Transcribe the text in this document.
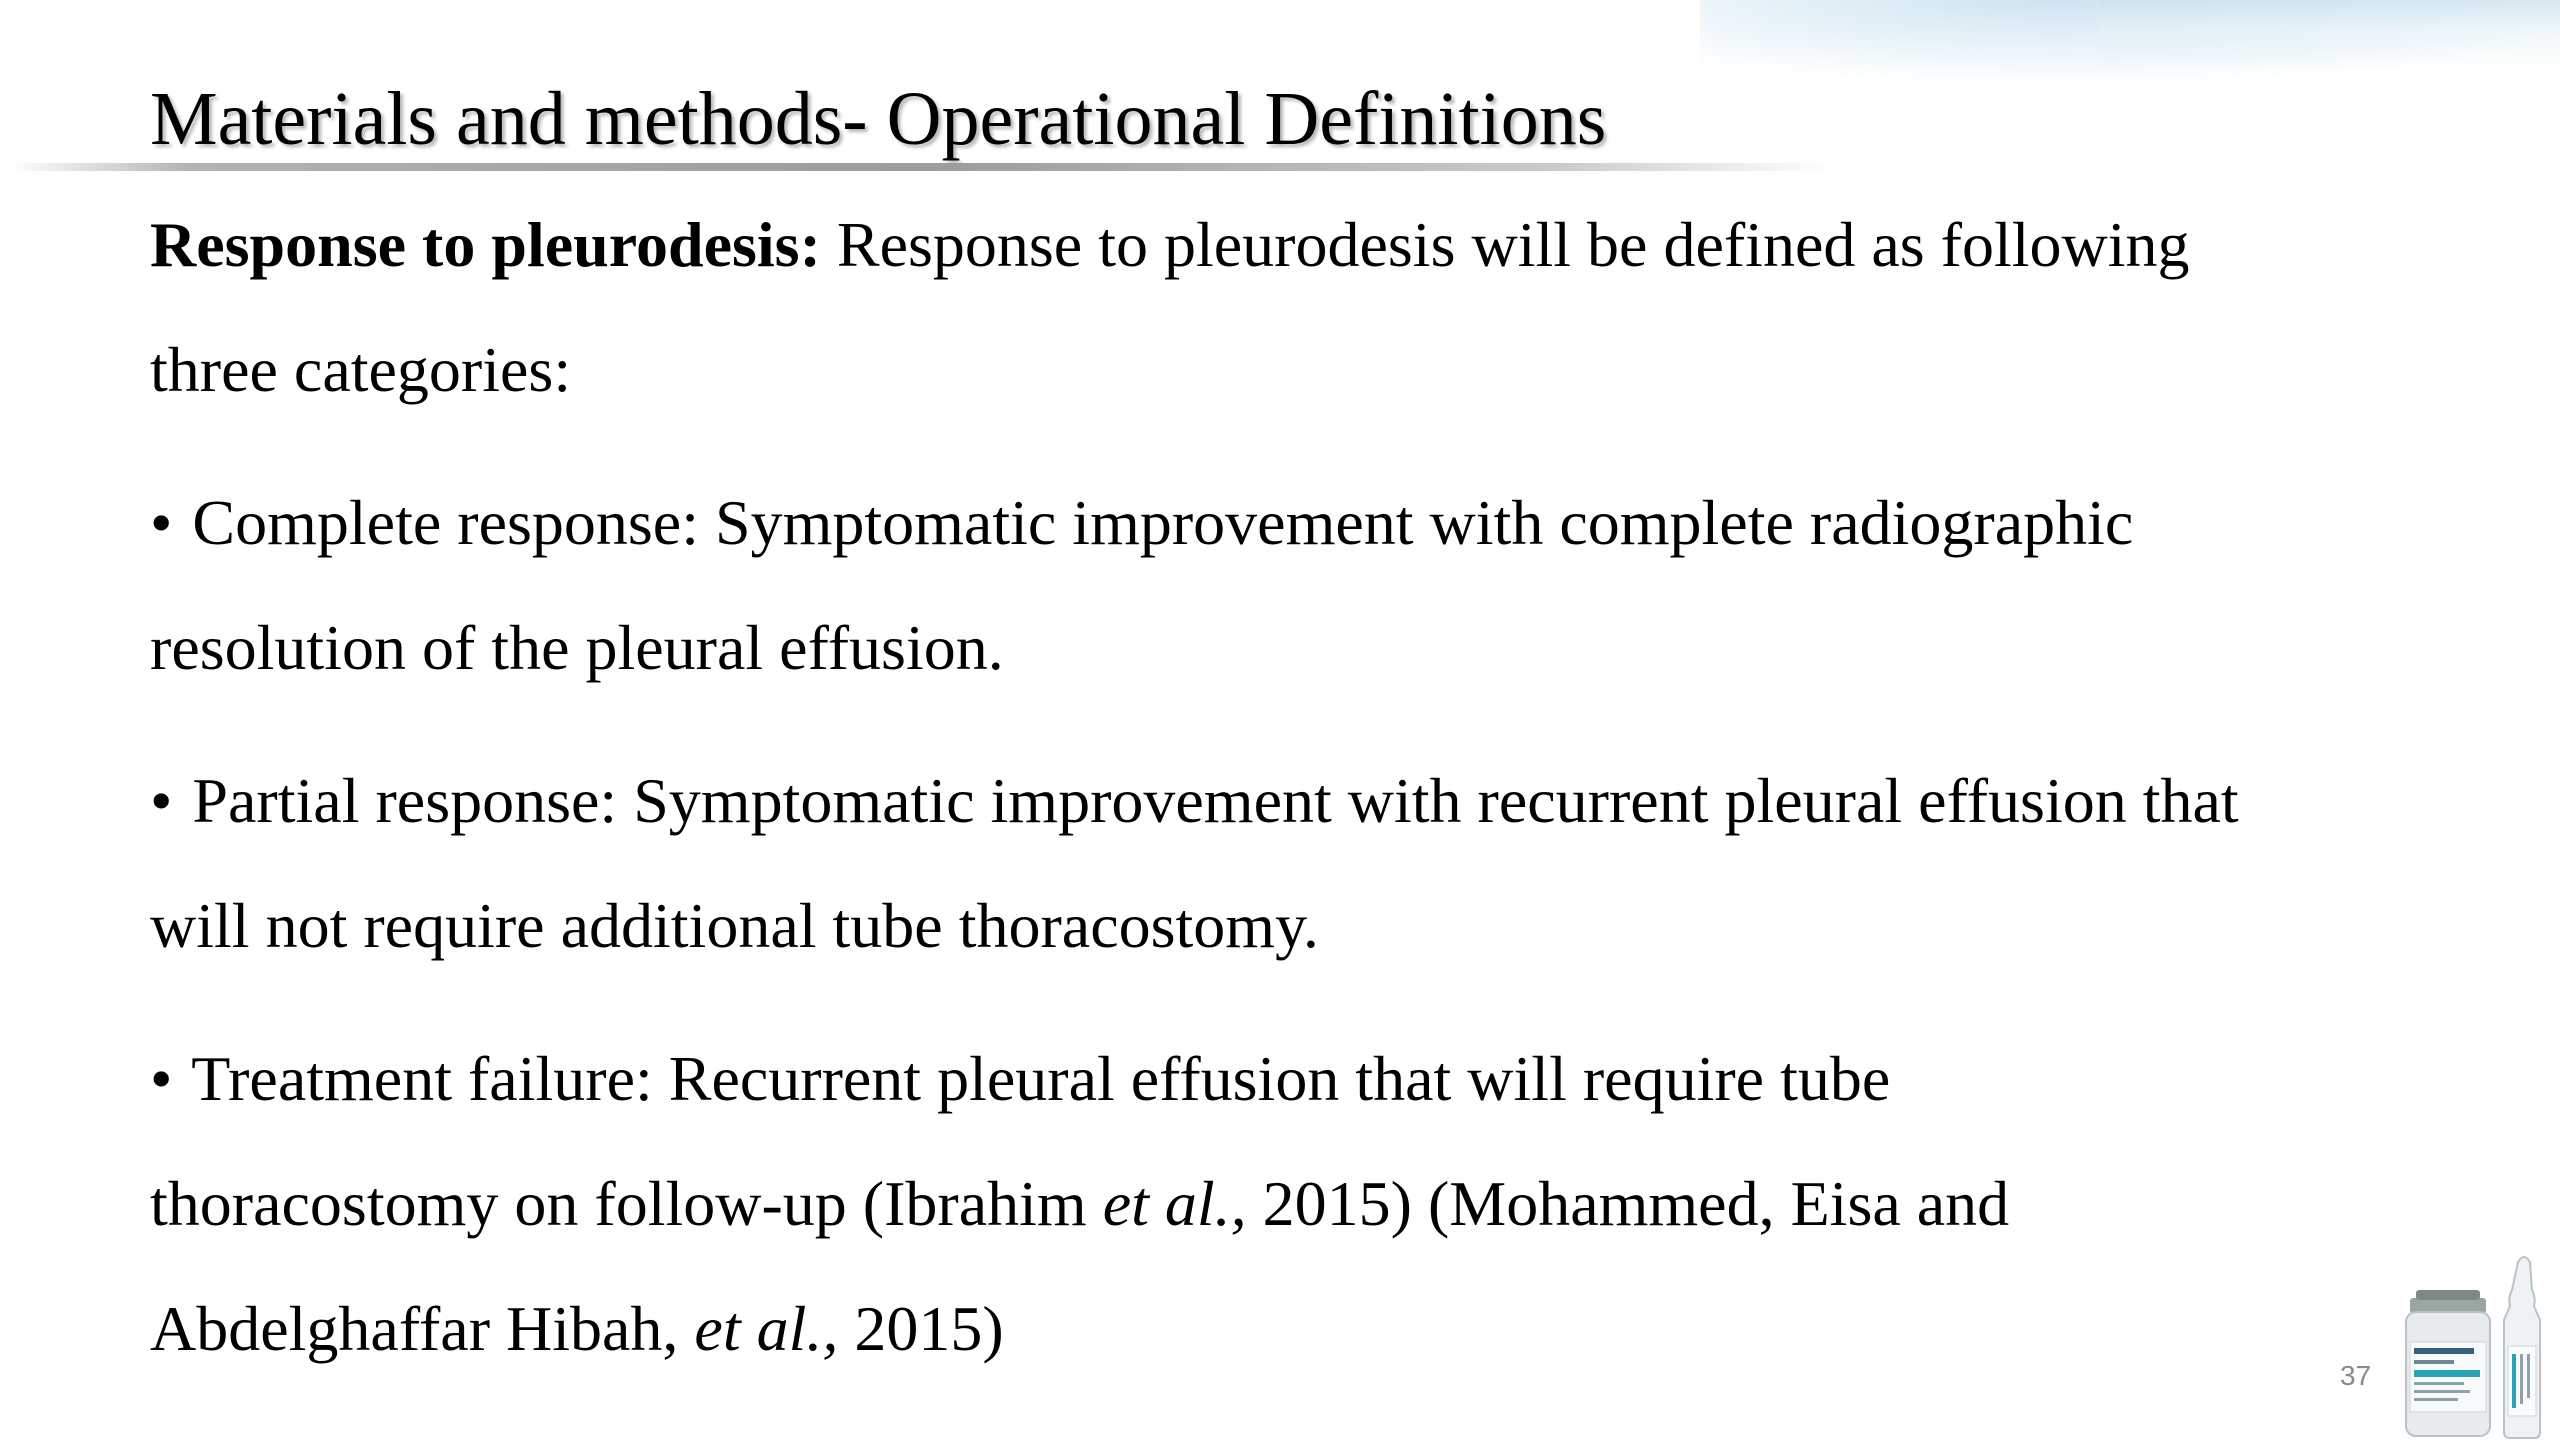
Materials and methods- Operational Definitions

Response to pleurodesis: Response to pleurodesis will be defined as following
three categories:

• Complete response: Symptomatic improvement with complete radiographic
resolution of the pleural effusion.

• Partial response: Symptomatic improvement with recurrent pleural effusion that
will not require additional tube thoracostomy.

• Treatment failure: Recurrent pleural effusion that will require tube
thoracostomy on follow-up (Ibrahim et al., 2015) (Mohammed, Eisa and
Abdelghaffar Hibah, et al., 2015)

37
